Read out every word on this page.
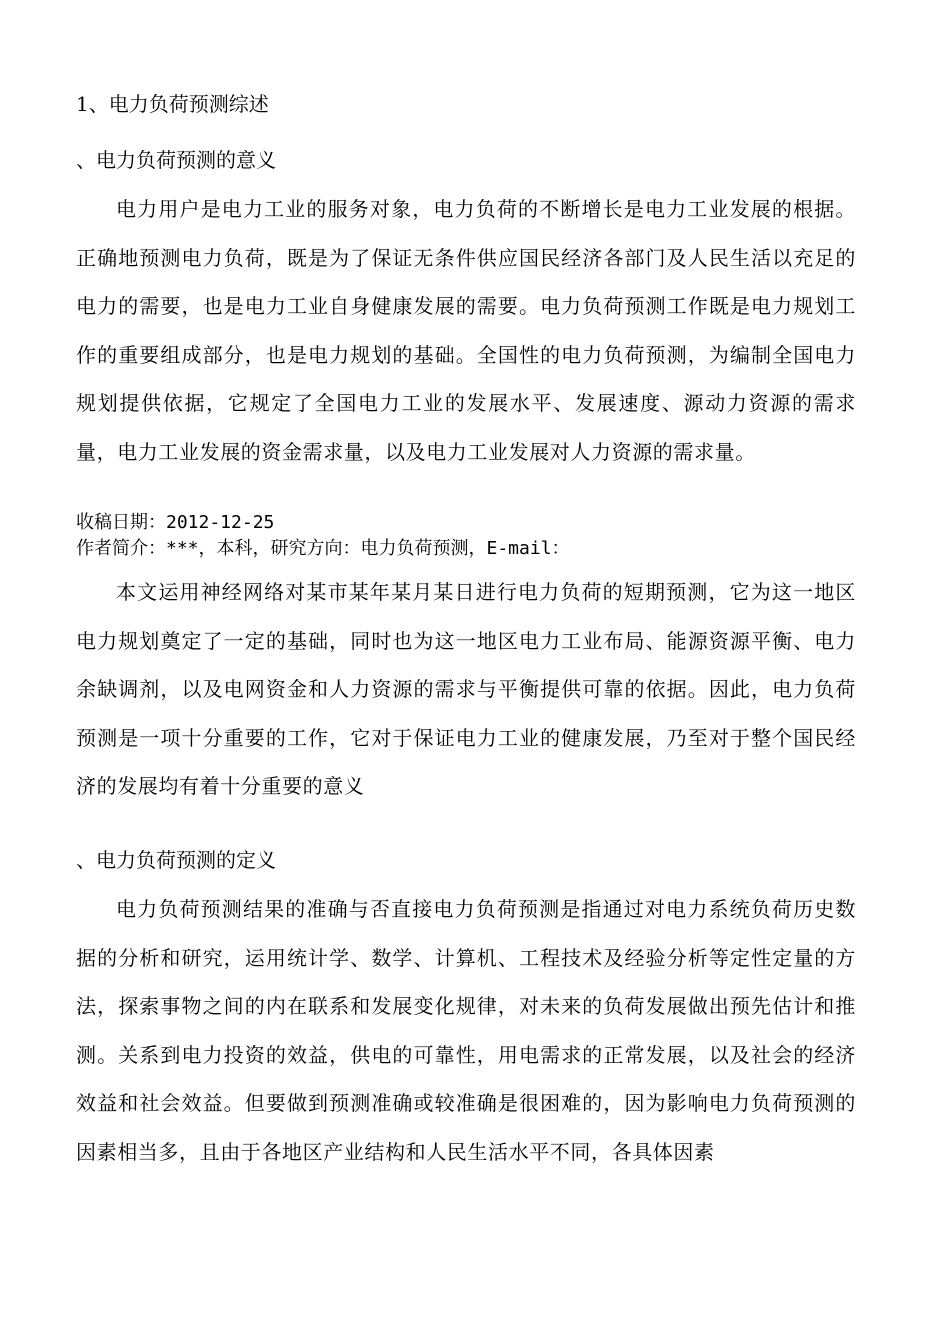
1、电力负荷预测综述
、电力负荷预测的意义
电力用户是电力工业的服务对象，电力负荷的不断增长是电力工业发展的根据。正确地预测电力负荷，既是为了保证无条件供应国民经济各部门及人民生活以充足的电力的需要，也是电力工业自身健康发展的需要。电力负荷预测工作既是电力规划工作的重要组成部分，也是电力规划的基础。全国性的电力负荷预测，为编制全国电力规划提供依据，它规定了全国电力工业的发展水平、发展速度、源动力资源的需求量，电力工业发展的资金需求量，以及电力工业发展对人力资源的需求量。
收稿日期：2012-12-25
作者简介：***，本科，研究方向：电力负荷预测，E-mail：
本文运用神经网络对某市某年某月某日进行电力负荷的短期预测，它为这一地区电力规划奠定了一定的基础，同时也为这一地区电力工业布局、能源资源平衡、电力余缺调剂，以及电网资金和人力资源的需求与平衡提供可靠的依据。因此，电力负荷预测是一项十分重要的工作，它对于保证电力工业的健康发展，乃至对于整个国民经济的发展均有着十分重要的意义
、电力负荷预测的定义
电力负荷预测结果的准确与否直接电力负荷预测是指通过对电力系统负荷历史数据的分析和研究，运用统计学、数学、计算机、工程技术及经验分析等定性定量的方法，探索事物之间的内在联系和发展变化规律，对未来的负荷发展做出预先估计和推测。关系到电力投资的效益，供电的可靠性，用电需求的正常发展，以及社会的经济效益和社会效益。但要做到预测准确或较准确是很困难的，因为影响电力负荷预测的因素相当多，且由于各地区产业结构和人民生活水平不同，各具体因素
